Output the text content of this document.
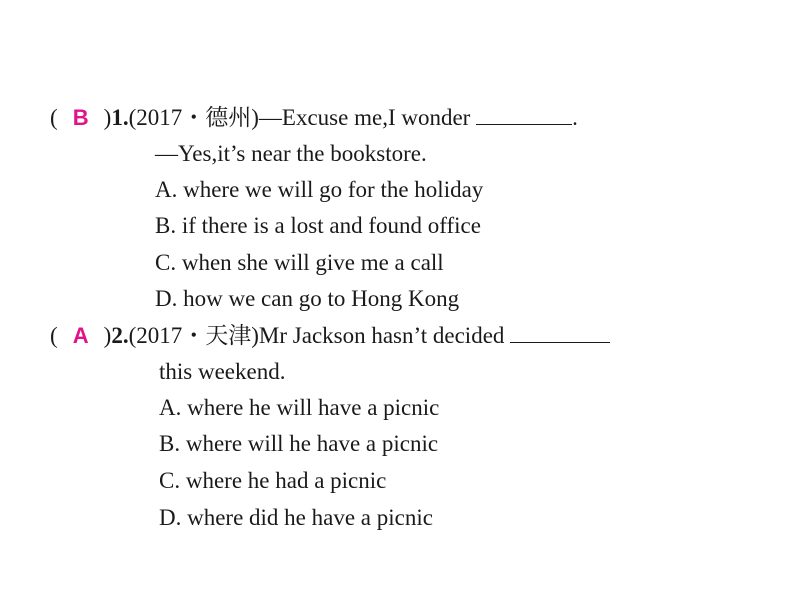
( B )1.(2017・德州)—Excuse me,I wonder	.
—Yes,it’s near the bookstore.
A. where we will go for the holiday
B. if there is a lost and found office
C. when she will give me a call
D. how we can go to Hong Kong
( A )2.(2017・天津)Mr Jackson hasn’t decided
this weekend.
A. where he will have a picnic
B. where will he have a picnic
C. where he had a picnic
D. where did he have a picnic
